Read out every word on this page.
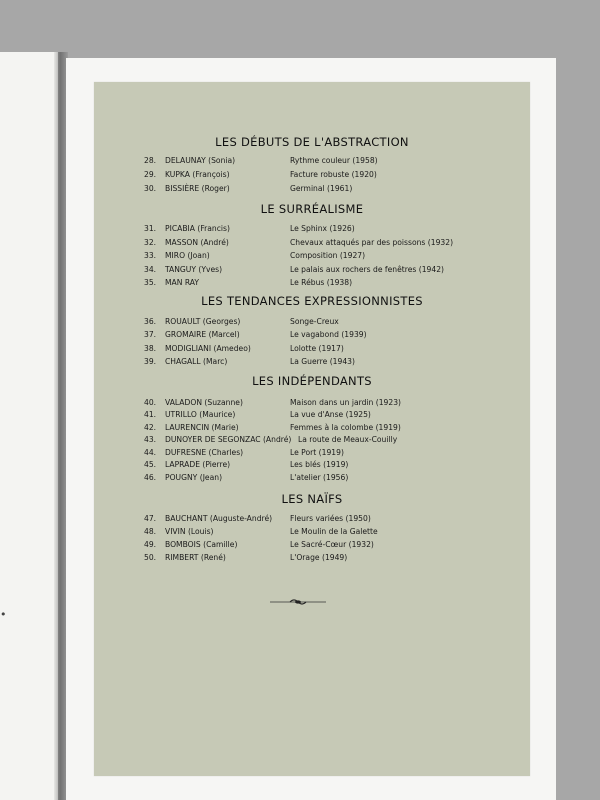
•
LES DÉBUTS DE L'ABSTRACTION
28. DELAUNAY (Sonia)	Rythme couleur (1958)
29. KUPKA (François)	Facture robuste (1920)
30. BISSIÈRE (Roger)	Germinal (1961)
LE SURRÉALISME
31. PICABIA (Francis)	Le Sphinx (1926)
32. MASSON (André)	Chevaux attaqués par des poissons (1932)
33. MIRO (Joan)	Composition (1927)
34. TANGUY (Yves)	Le palais aux rochers de fenêtres (1942)
35. MAN RAY	Le Rébus (1938)
LES TENDANCES EXPRESSIONNISTES
36. ROUAULT (Georges)	Songe-Creux
37. GROMAIRE (Marcel)	Le vagabond (1939)
38. MODIGLIANI (Amedeo)	Lolotte (1917)
39. CHAGALL (Marc)	La Guerre (1943)
LES INDÉPENDANTS
40. VALADON (Suzanne)	Maison dans un jardin (1923)
41. UTRILLO (Maurice)	La vue d'Anse (1925)
42. LAURENCIN (Marie)	Femmes à la colombe (1919)
43. DUNOYER DE SEGONZAC (André) La route de Meaux-Couilly
44. DUFRESNE (Charles)	Le Port (1919)
45. LAPRADE (Pierre)	Les blés (1919)
46. POUGNY (Jean)	L'atelier (1956)
LES NAÏFS
47. BAUCHANT (Auguste-André) Fleurs variées (1950)
48. VIVIN (Louis)	Le Moulin de la Galette
49. BOMBOIS (Camille)	Le Sacré-Cœur (1932)
50. RIMBERT (René)	L'Orage (1949)
